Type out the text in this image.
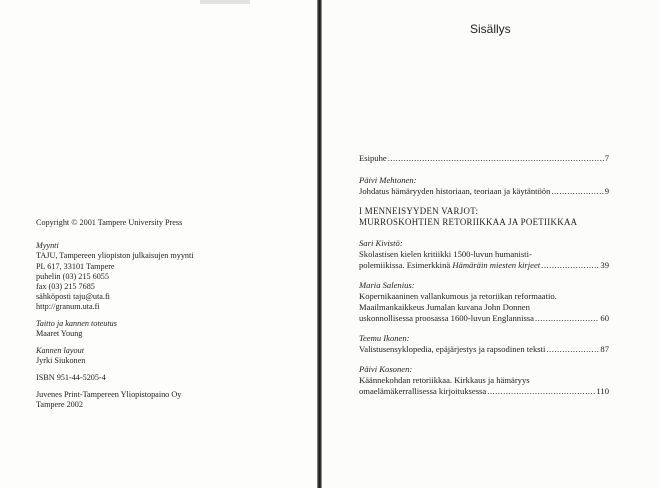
Copyright © 2001 Tampere University Press
Myynti
TAJU, Tampereen yliopiston julkaisujen myynti
PL 617, 33101 Tampere
puhelin (03) 215 6055
fax (03) 215 7685
sähköposti taju@uta.fi
http://granum.uta.fi
Taitto ja kannen toteutus
Maaret Young
Kannen layout
Jyrki Siukonen
ISBN 951-44-5205-4
Juvenes Print-Tampereen Yliopistopaino Oy
Tampere 2002
Sisällys
Esipuhe .....	7
Päivi Mehtonen:
Johdatus hämäryyden historiaan, teoriaan ja käytäntöön .....	9
I MENNEISYYDEN VARJOT:
MURROSKOHTIEN RETORIIKKAA JA POETIIKKAA
Sari Kivistö:
Skolastisen kielen kritiikki 1500-luvun humanisti-
polemiikissa. Esimerkkinä Hämäräin miesten kirjeet .....	39
Maria Salenius:
Kopernikaaninen vallankumous ja retoriikan reformaatio.
Maailmankaikkeus Jumalan kuvana John Donnen
uskonnollisessa proosassa 1600-luvun Englannissa .....	60
Teemu Ikonen:
Valistusensyklopedia, epäjärjestys ja rapsodinen teksti .....	87
Päivi Kosonen:
Käännekohdan retoriikkaa. Kirkkaus ja hämäryys
omaelämäkerrallisessa kirjoituksessa .....	110
